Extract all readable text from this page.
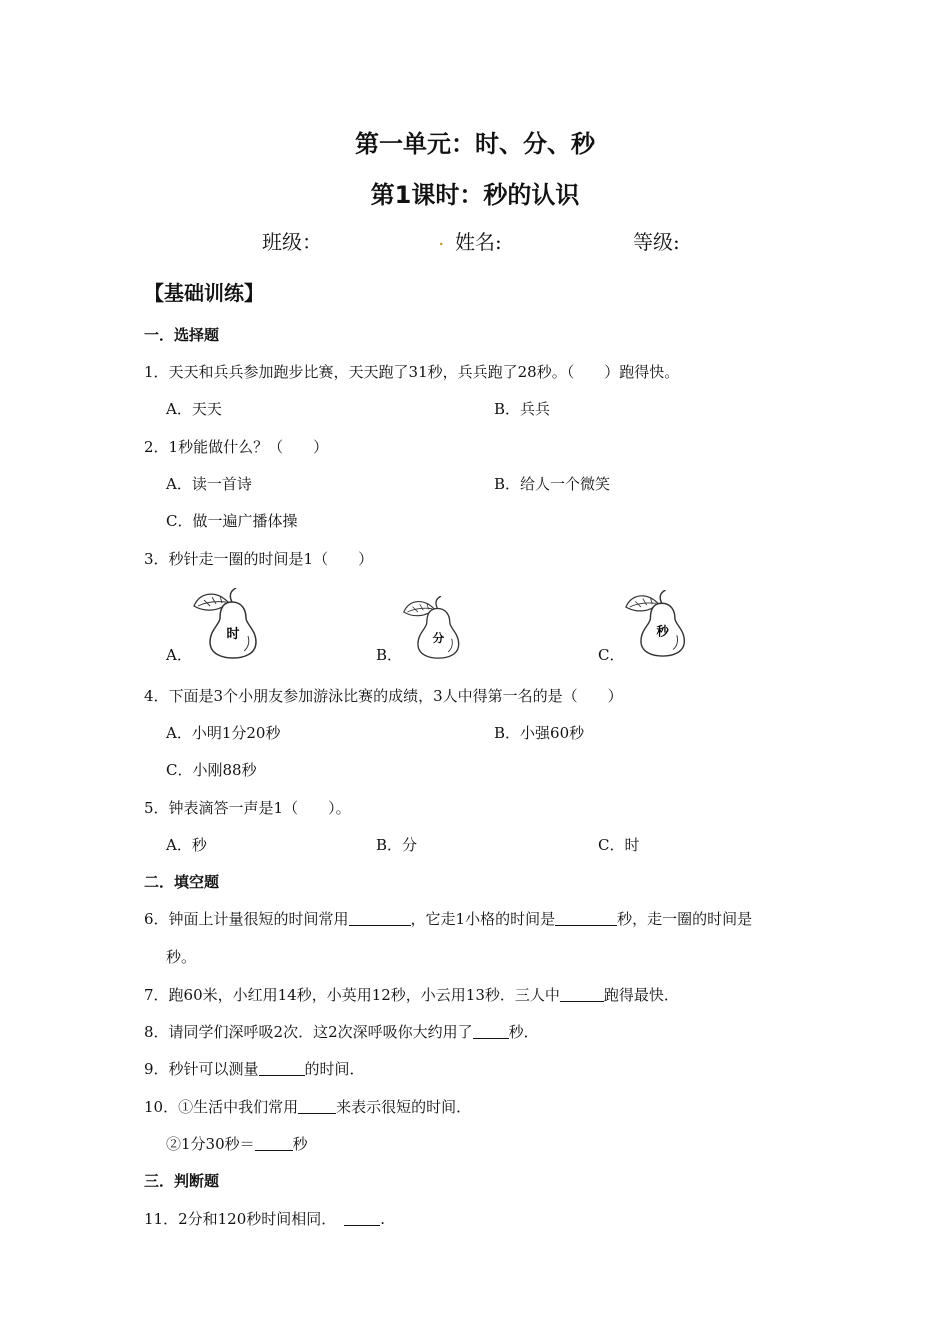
第一单元：时、分、秒
第1课时：秒的认识
班级：	. 姓名:	等级:
【基础训练】
一．选择题
1．天天和兵兵参加跑步比赛，天天跑了31秒，兵兵跑了28秒。（　　）跑得快。
A．天天	B．兵兵
2．1秒能做什么？（　　）
A．读一首诗	B．给人一个微笑
C．做一遍广播体操
3．秒针走一圈的时间是1（　　）
A．	B．	C．
时	分	秒
4．下面是3个小朋友参加游泳比赛的成绩，3人中得第一名的是（　　）
A．小明1分20秒	B．小强60秒
C．小刚88秒
5．钟表滴答一声是1（　　）。
A．秒	B．分	C．时
二．填空题
6．钟面上计量很短的时间常用	，它走1小格的时间是	秒，走一圈的时间是
秒。
7．跑60米，小红用14秒，小英用12秒，小云用13秒．三人中	跑得最快．
8．请同学们深呼吸2次．这2次深呼吸你大约用了 秒．
9．秒针可以测量	的时间．
10．①生活中我们常用	来表示很短的时间．
②1分30秒＝	秒
三．判断题
11．2分和120秒时间相同．	.
